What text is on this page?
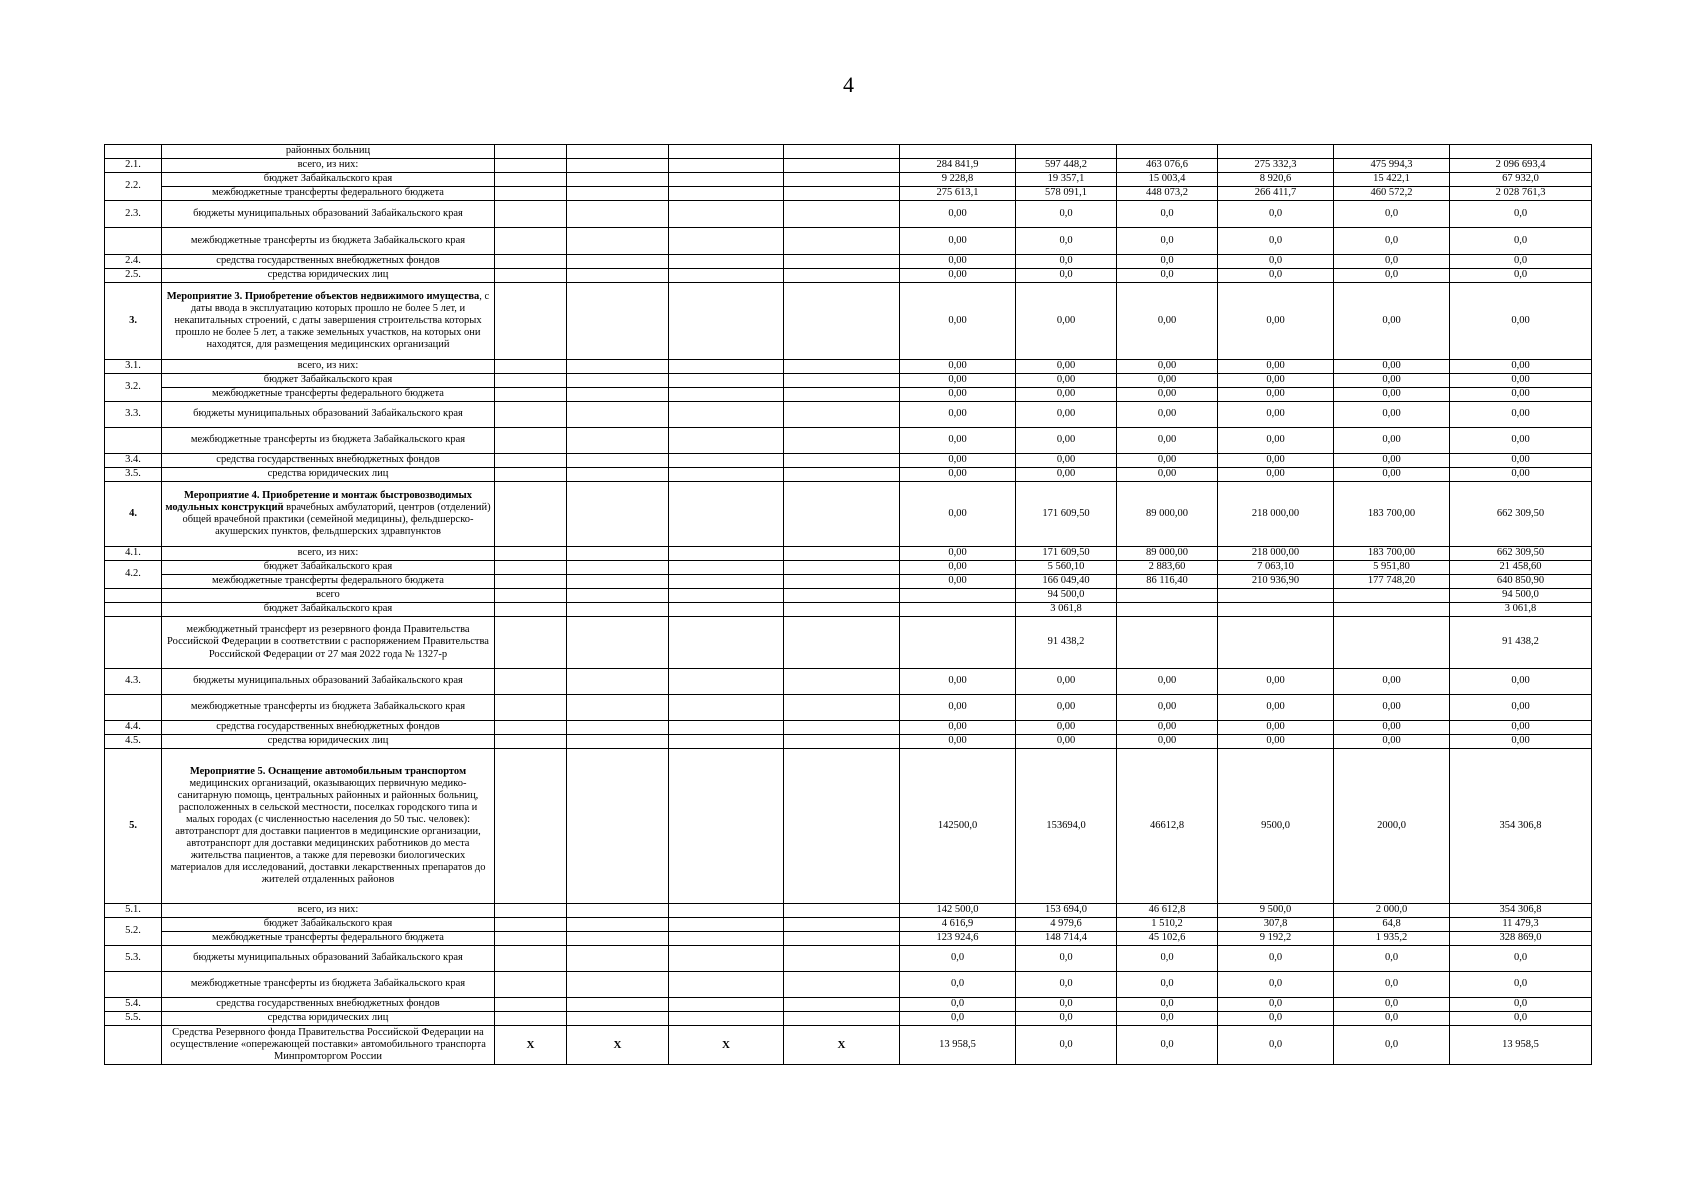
4
	районных больниц										
2.1.	всего, из них:					284 841,9	597 448,2	463 076,6	275 332,3	475 994,3	2 096 693,4
2.2.	бюджет Забайкальского края					9 228,8	19 357,1	15 003,4	8 920,6	15 422,1	67 932,0
	межбюджетные трансферты федерального бюджета					275 613,1	578 091,1	448 073,2	266 411,7	460 572,2	2 028 761,3
2.3.	бюджеты муниципальных образований Забайкальского края					0,00	0,0	0,0	0,0	0,0	0,0
	межбюджетные трансферты из бюджета Забайкальского края					0,00	0,0	0,0	0,0	0,0	0,0
2.4.	средства государственных внебюджетных фондов					0,00	0,0	0,0	0,0	0,0	0,0
2.5.	средства юридических лиц					0,00	0,0	0,0	0,0	0,0	0,0
3.	Мероприятие 3. Приобретение объектов недвижимого имущества, с даты ввода в эксплуатацию которых прошло не более 5 лет, и некапитальных строений, с даты завершения строительства которых прошло не более 5 лет, а также земельных участков, на которых они находятся, для размещения медицинских организаций					0,00	0,00	0,00	0,00	0,00	0,00
3.1.	всего, из них:					0,00	0,00	0,00	0,00	0,00	0,00
3.2.	бюджет Забайкальского края					0,00	0,00	0,00	0,00	0,00	0,00
	межбюджетные трансферты федерального бюджета					0,00	0,00	0,00	0,00	0,00	0,00
3.3.	бюджеты муниципальных образований Забайкальского края					0,00	0,00	0,00	0,00	0,00	0,00
	межбюджетные трансферты из бюджета Забайкальского края					0,00	0,00	0,00	0,00	0,00	0,00
3.4.	средства государственных внебюджетных фондов					0,00	0,00	0,00	0,00	0,00	0,00
3.5.	средства юридических лиц					0,00	0,00	0,00	0,00	0,00	0,00
4.	Мероприятие 4. Приобретение и монтаж быстровозводимых модульных конструкций врачебных амбулаторий, центров (отделений) общей врачебной практики (семейной медицины), фельдшерско-акушерских пунктов, фельдшерских здравпунктов					0,00	171 609,50	89 000,00	218 000,00	183 700,00	662 309,50
4.1.	всего, из них:					0,00	171 609,50	89 000,00	218 000,00	183 700,00	662 309,50
4.2.	бюджет Забайкальского края					0,00	5 560,10	2 883,60	7 063,10	5 951,80	21 458,60
	межбюджетные трансферты федерального бюджета					0,00	166 049,40	86 116,40	210 936,90	177 748,20	640 850,90
	всего						94 500,0				94 500,0
	бюджет Забайкальского края						3 061,8				3 061,8
	межбюджетный трансферт из резервного фонда Правительства Российской Федерации в соответствии с распоряжением Правительства Российской Федерации от 27 мая 2022 года № 1327-р						91 438,2				91 438,2
4.3.	бюджеты муниципальных образований Забайкальского края					0,00	0,00	0,00	0,00	0,00	0,00
	межбюджетные трансферты из бюджета Забайкальского края					0,00	0,00	0,00	0,00	0,00	0,00
4.4.	средства государственных внебюджетных фондов					0,00	0,00	0,00	0,00	0,00	0,00
4.5.	средства юридических лиц					0,00	0,00	0,00	0,00	0,00	0,00
5.	Мероприятие 5. Оснащение автомобильным транспортом медицинских организаций, оказывающих первичную медико-санитарную помощь, центральных районных и районных больниц, расположенных в сельской местности, поселках городского типа и малых городах (с численностью населения до 50 тыс. человек): автотранспорт для доставки пациентов в медицинские организации, автотранспорт для доставки медицинских работников до места жительства пациентов, а также для перевозки биологических материалов для исследований, доставки лекарственных препаратов до жителей отдаленных районов					142500,0	153694,0	46612,8	9500,0	2000,0	354 306,8
5.1.	всего, из них:					142 500,0	153 694,0	46 612,8	9 500,0	2 000,0	354 306,8
5.2.	бюджет Забайкальского края					4 616,9	4 979,6	1 510,2	307,8	64,8	11 479,3
	межбюджетные трансферты федерального бюджета					123 924,6	148 714,4	45 102,6	9 192,2	1 935,2	328 869,0
5.3.	бюджеты муниципальных образований Забайкальского края					0,0	0,0	0,0	0,0	0,0	0,0
	межбюджетные трансферты из бюджета Забайкальского края					0,0	0,0	0,0	0,0	0,0	0,0
5.4.	средства государственных внебюджетных фондов					0,0	0,0	0,0	0,0	0,0	0,0
5.5.	средства юридических лиц					0,0	0,0	0,0	0,0	0,0	0,0
	Средства Резервного фонда Правительства Российской Федерации на осуществление «опережающей поставки» автомобильного транспорта Минпромторгом России	X	X	X	X	13 958,5	0,0	0,0	0,0	0,0	13 958,5
